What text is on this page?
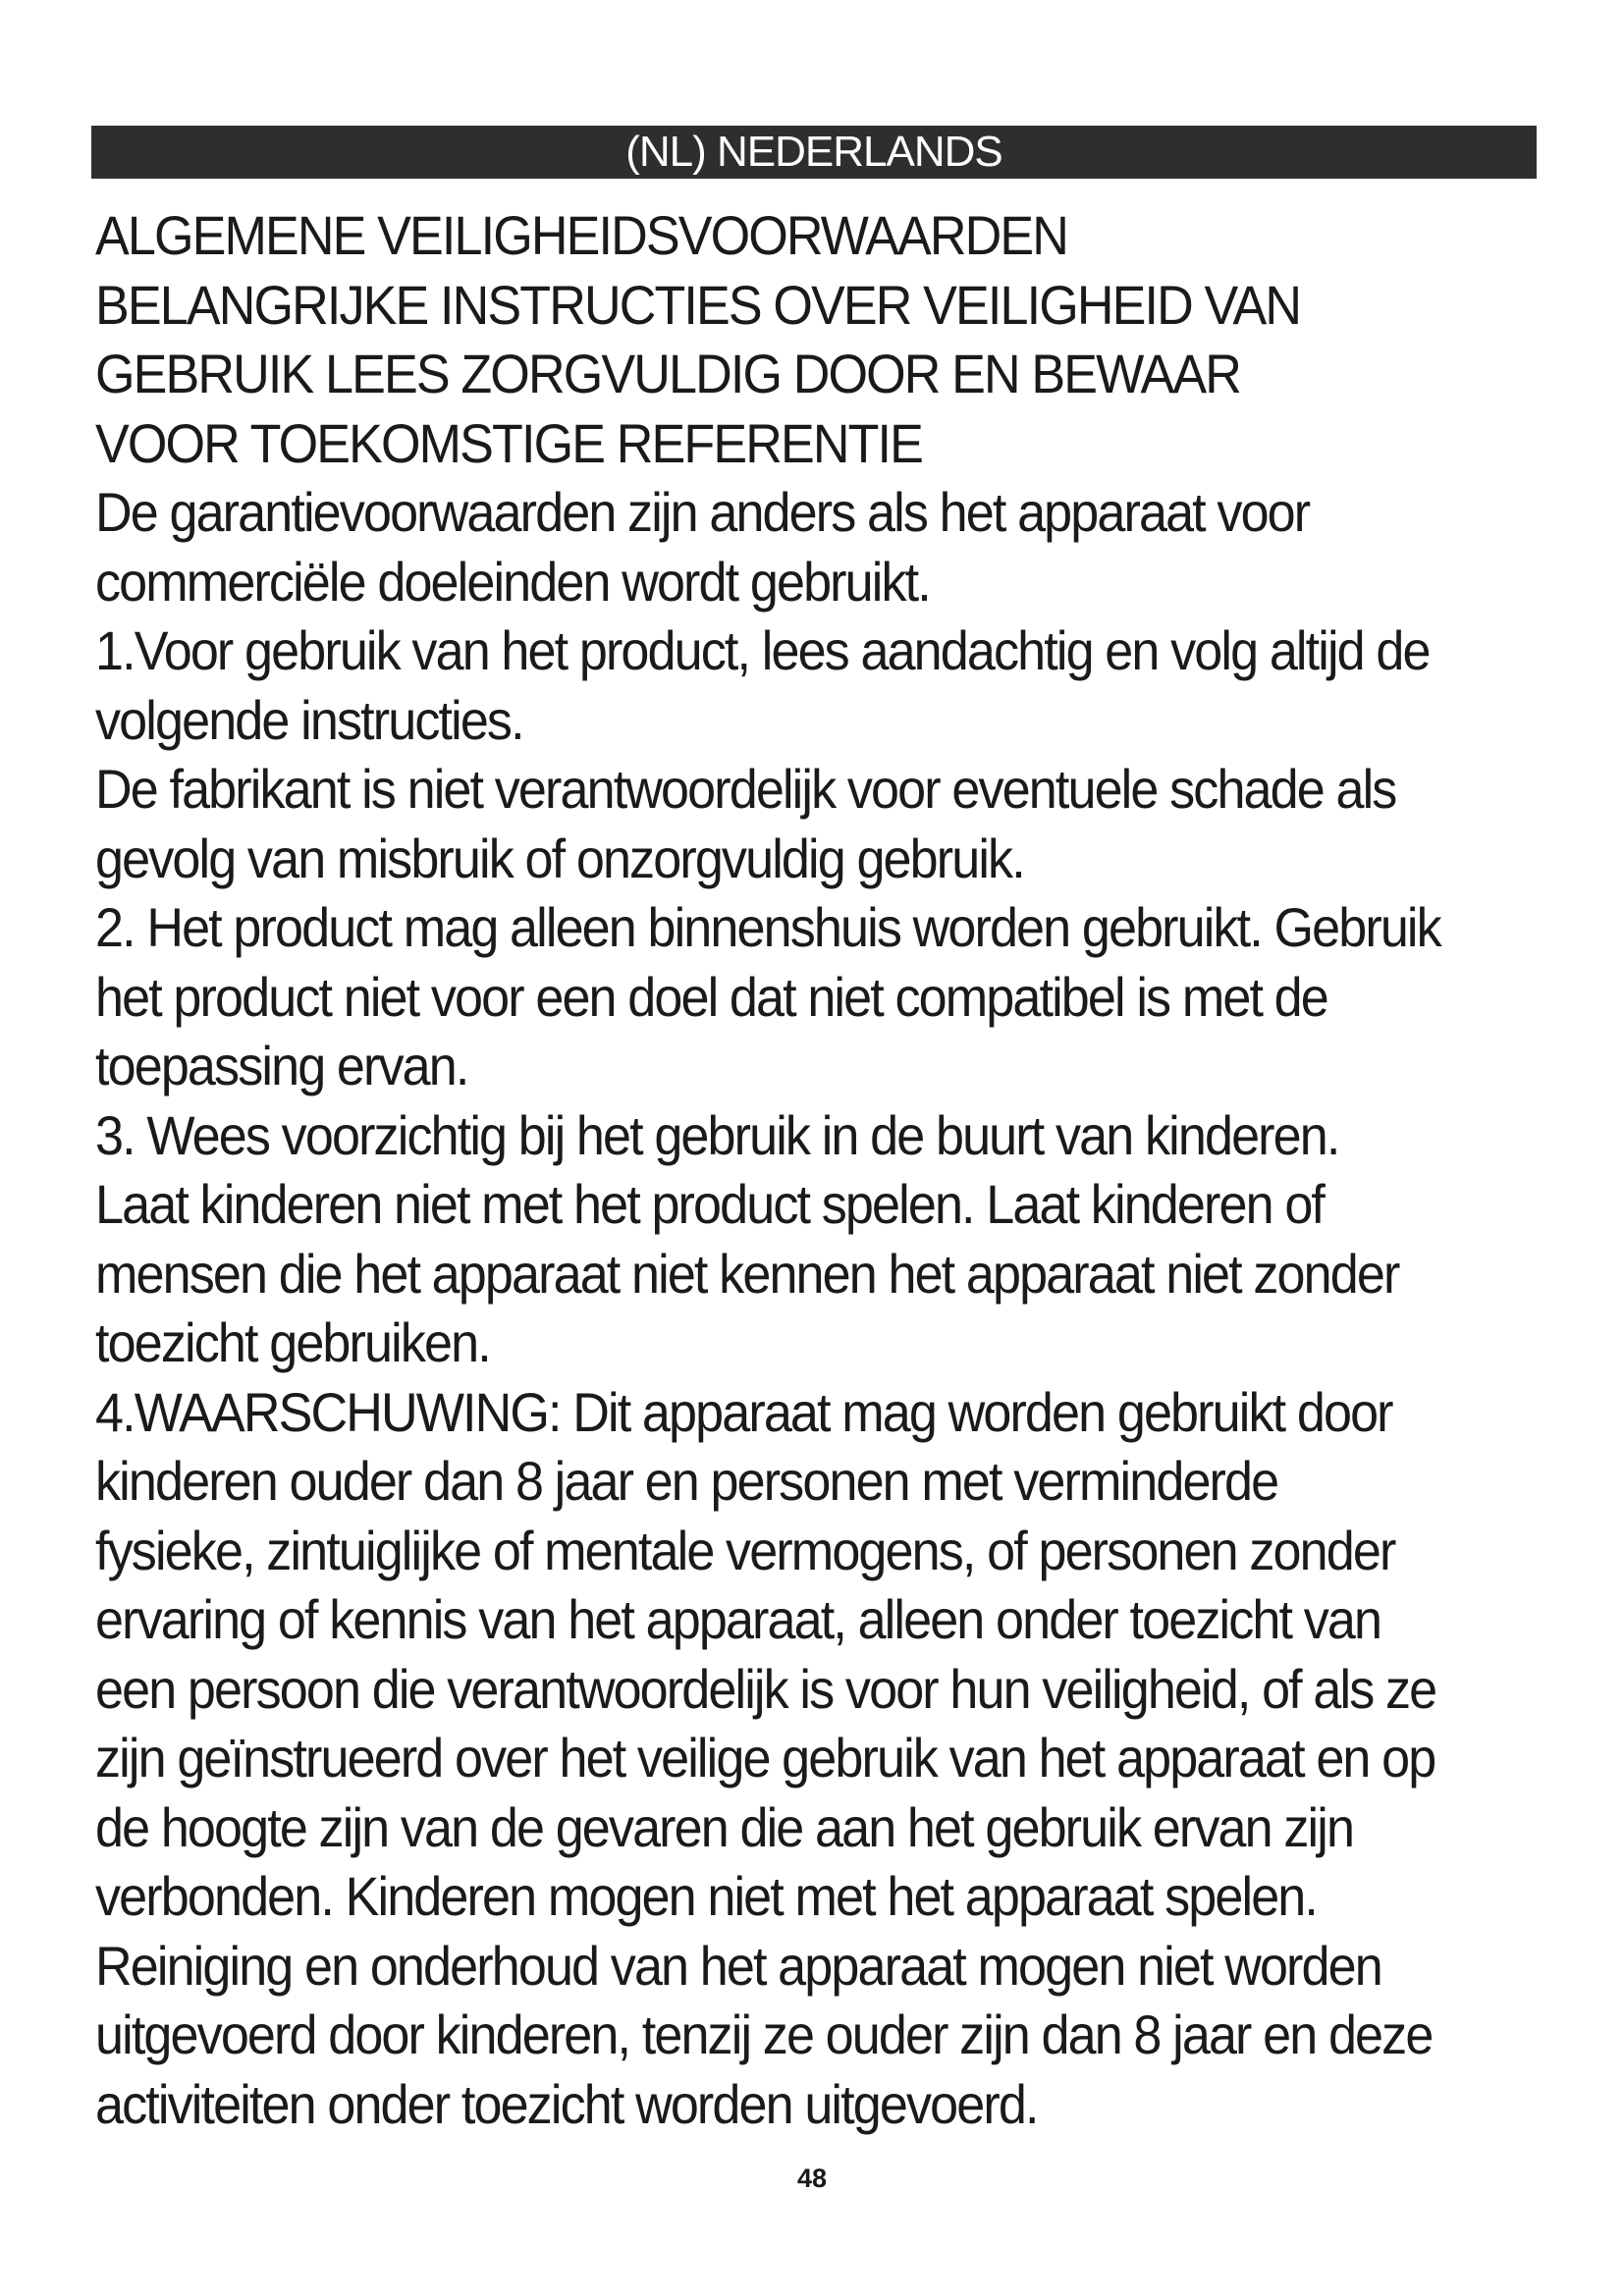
(NL) NEDERLANDS

ALGEMENE VEILIGHEIDSVOORWAARDEN

BELANGRIJKE INSTRUCTIES OVER VEILIGHEID VAN

GEBRUIK LEES ZORGVULDIG DOOR EN BEWAAR

VOOR TOEKOMSTIGE REFERENTIE

De garantievoorwaarden zijn anders als het apparaat voor

commerciële doeleinden wordt gebruikt.

1.Voor gebruik van het product, lees aandachtig en volg altijd de

volgende instructies.

De fabrikant is niet verantwoordelijk voor eventuele schade als

gevolg van misbruik of onzorgvuldig gebruik.

2. Het product mag alleen binnenshuis worden gebruikt. Gebruik

het product niet voor een doel dat niet compatibel is met de

toepassing ervan.

3. Wees voorzichtig bij het gebruik in de buurt van kinderen.

Laat kinderen niet met het product spelen. Laat kinderen of

mensen die het apparaat niet kennen het apparaat niet zonder

toezicht gebruiken.

4.WAARSCHUWING: Dit apparaat mag worden gebruikt door

kinderen ouder dan 8 jaar en personen met verminderde

fysieke, zintuiglijke of mentale vermogens, of personen zonder

ervaring of kennis van het apparaat, alleen onder toezicht van

een persoon die verantwoordelijk is voor hun veiligheid, of als ze

zijn geïnstrueerd over het veilige gebruik van het apparaat en op

de hoogte zijn van de gevaren die aan het gebruik ervan zijn

verbonden. Kinderen mogen niet met het apparaat spelen.

Reiniging en onderhoud van het apparaat mogen niet worden

uitgevoerd door kinderen, tenzij ze ouder zijn dan 8 jaar en deze

activiteiten onder toezicht worden uitgevoerd.

48
